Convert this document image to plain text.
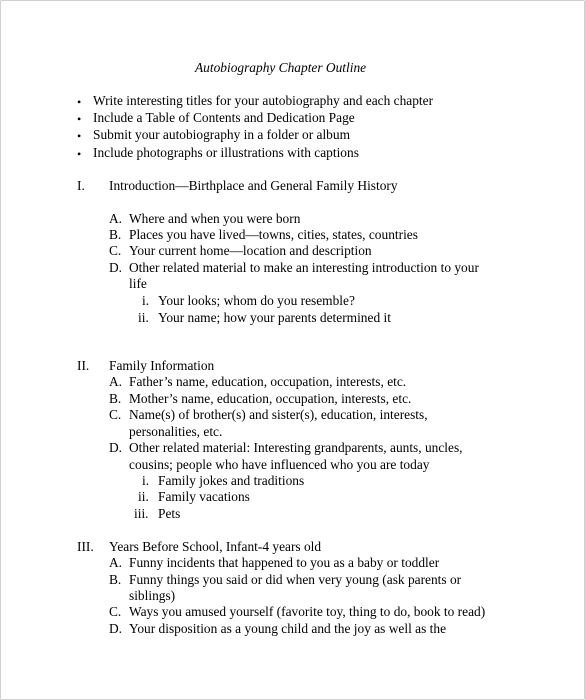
Autobiography Chapter Outline
• Write interesting titles for your autobiography and each chapter
• Include a Table of Contents and Dedication Page
• Submit your autobiography in a folder or album
• Include photographs or illustrations with captions
I. Introduction—Birthplace and General Family History
A. Where and when you were born
B. Places you have lived—towns, cities, states, countries
C. Your current home—location and description
D. Other related material to make an interesting introduction to your
life
i. Your looks; whom do you resemble?
ii. Your name; how your parents determined it
II. Family Information
A. Father’s name, education, occupation, interests, etc.
B. Mother’s name, education, occupation, interests, etc.
C. Name(s) of brother(s) and sister(s), education, interests,
personalities, etc.
D. Other related material: Interesting grandparents, aunts, uncles,
cousins; people who have influenced who you are today
i. Family jokes and traditions
ii. Family vacations
iii. Pets
III. Years Before School, Infant-4 years old
A. Funny incidents that happened to you as a baby or toddler
B. Funny things you said or did when very young (ask parents or
siblings)
C. Ways you amused yourself (favorite toy, thing to do, book to read)
D. Your disposition as a young child and the joy as well as the
